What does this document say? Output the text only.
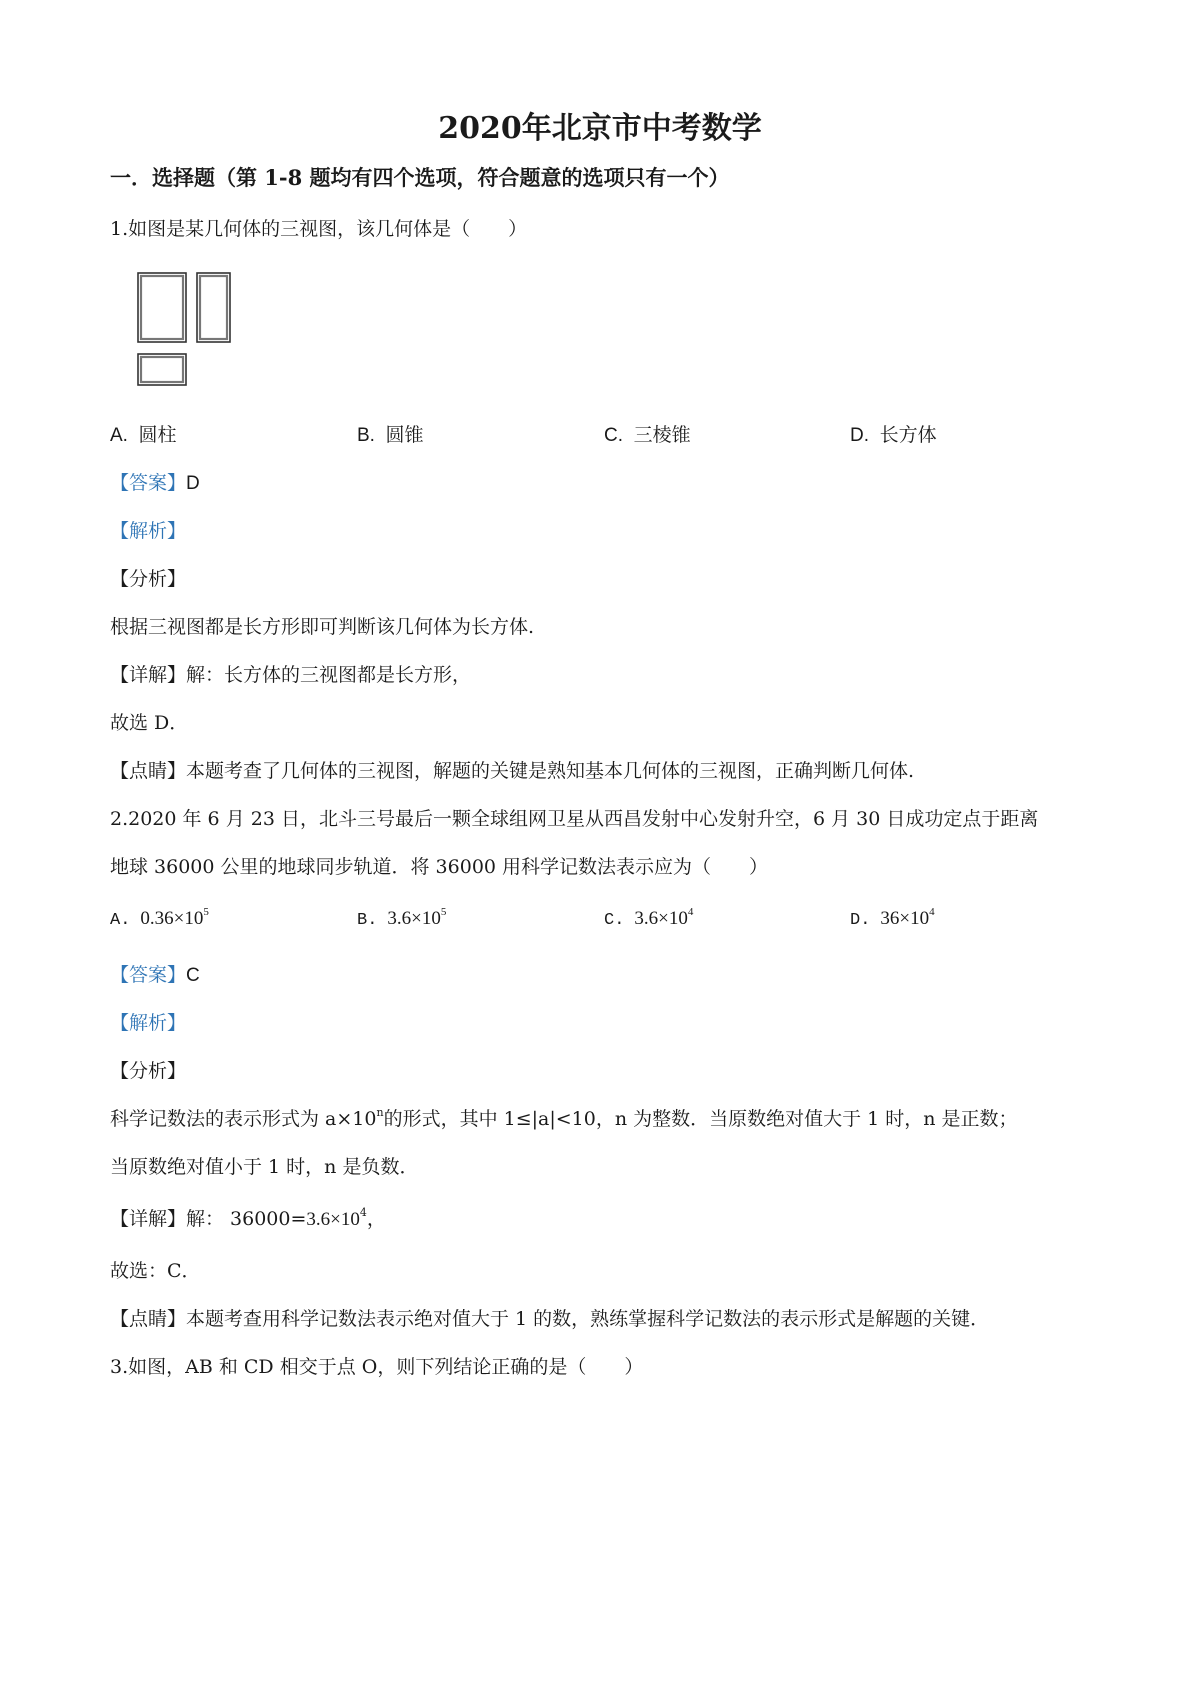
2020年北京市中考数学
一．选择题（第 1-8 题均有四个选项，符合题意的选项只有一个）
1.如图是某几何体的三视图，该几何体是（　　）
A. 圆柱	B. 圆锥	C. 三棱锥	D. 长方体
【答案】D
【解析】
【分析】
根据三视图都是长方形即可判断该几何体为长方体.
【详解】解：长方体的三视图都是长方形，
故选 D．
【点睛】本题考查了几何体的三视图，解题的关键是熟知基本几何体的三视图，正确判断几何体.
2.2020 年 6 月 23 日，北斗三号最后一颗全球组网卫星从西昌发射中心发射升空，6 月 30 日成功定点于距离
地球 36000 公里的地球同步轨道．将 36000 用科学记数法表示应为（　　）
A. $0.36\times 10^5$	B. $3.6\times 10^5$	C. $3.6\times 10^4$	D. $36\times 10^4$
【答案】C
【解析】
【分析】
科学记数法的表示形式为 $a\times 10^n$的形式，其中 1≤|a|<10，n 为整数．当原数绝对值大于 1 时，n 是正数；
当原数绝对值小于 1 时，n 是负数．
【详解】解： $36000=3.6\times 10^4$，
故选：C．
【点睛】本题考查用科学记数法表示绝对值大于 1 的数，熟练掌握科学记数法的表示形式是解题的关键．
3.如图，AB 和 CD 相交于点 O，则下列结论正确的是（　　）
